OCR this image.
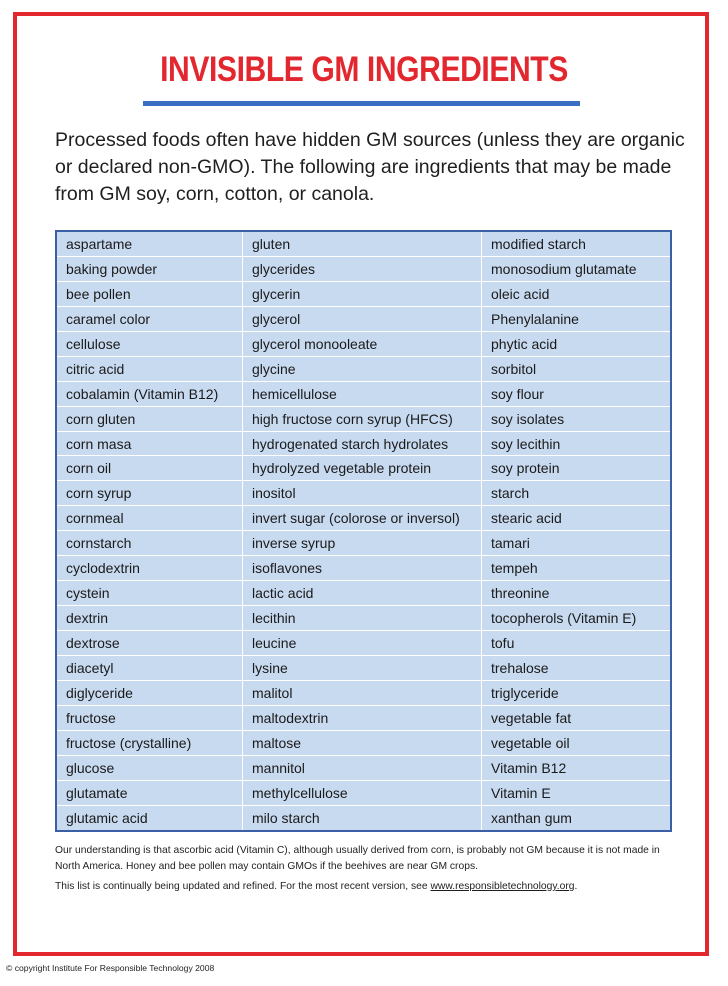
INVISIBLE GM INGREDIENTS
Processed foods often have hidden GM sources (unless they are organic or declared non-GMO). The following are ingredients that may be made from GM soy, corn, cotton, or canola.
aspartame	gluten	modified starch
baking powder	glycerides	monosodium glutamate
bee pollen	glycerin	oleic acid
caramel color	glycerol	Phenylalanine
cellulose	glycerol monooleate	phytic acid
citric acid	glycine	sorbitol
cobalamin (Vitamin B12)	hemicellulose	soy flour
corn gluten	high fructose corn syrup (HFCS)	soy isolates
corn masa	hydrogenated starch hydrolates	soy lecithin
corn oil	hydrolyzed vegetable protein	soy protein
corn syrup	inositol	starch
cornmeal	invert sugar (colorose or inversol)	stearic acid
cornstarch	inverse syrup	tamari
cyclodextrin	isoflavones	tempeh
cystein	lactic acid	threonine
dextrin	lecithin	tocopherols (Vitamin E)
dextrose	leucine	tofu
diacetyl	lysine	trehalose
diglyceride	malitol	triglyceride
fructose	maltodextrin	vegetable fat
fructose (crystalline)	maltose	vegetable oil
glucose	mannitol	Vitamin B12
glutamate	methylcellulose	Vitamin E
glutamic acid	milo starch	xanthan gum
Our understanding is that ascorbic acid (Vitamin C), although usually derived from corn, is probably not GM because it is not made in North America. Honey and bee pollen may contain GMOs if the beehives are near GM crops.
This list is continually being updated and refined. For the most recent version, see www.responsibletechnology.org.
© copyright Institute For Responsible Technology 2008
